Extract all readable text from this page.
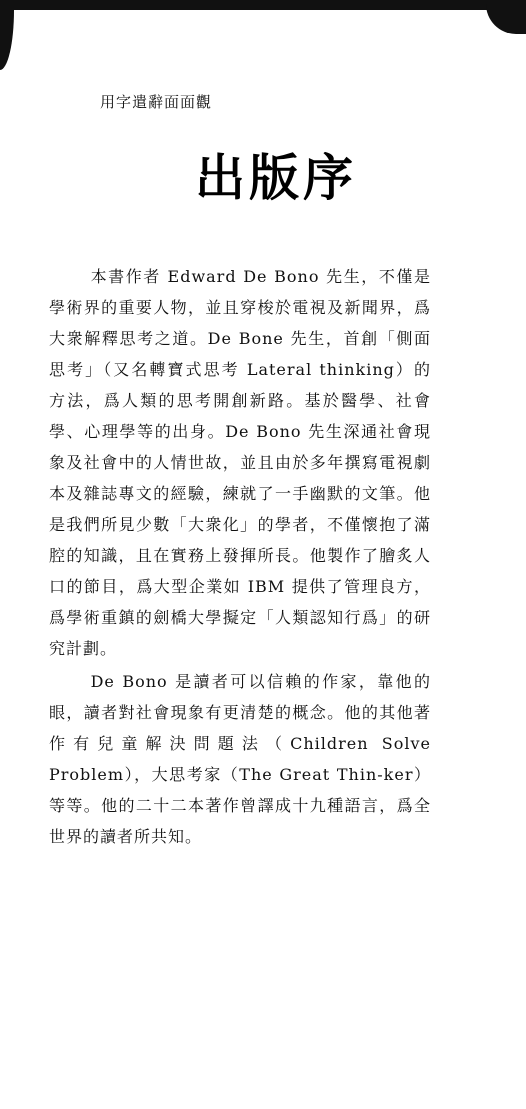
用字遣辭面面觀

出版序

本書作者 Edward De Bono 先生，不僅是學術界的重要人物，並且穿梭於電視及新聞界，爲大衆解釋思考之道。De Bone 先生，首創「側面思考」（又名轉寶式思考 Lateral thinking）的方法，爲人類的思考開創新路。基於醫學、社會學、心理學等的出身。De Bono 先生深通社會現象及社會中的人情世故，並且由於多年撰寫電視劇本及雜誌專文的經驗，練就了一手幽默的文筆。他是我們所見少數「大衆化」的學者，不僅懷抱了滿腔的知識，且在實務上發揮所長。他製作了膾炙人口的節目，爲大型企業如 IBM 提供了管理良方，爲學術重鎮的劍橋大學擬定「人類認知行爲」的研究計劃。

De Bono 是讀者可以信賴的作家，靠他的眼，讀者對社會現象有更清楚的概念。他的其他著作有兒童解決問題法（Children Solve Problem），大思考家（The Great Thin-ker）等等。他的二十二本著作曾譯成十九種語言，爲全世界的讀者所共知。
